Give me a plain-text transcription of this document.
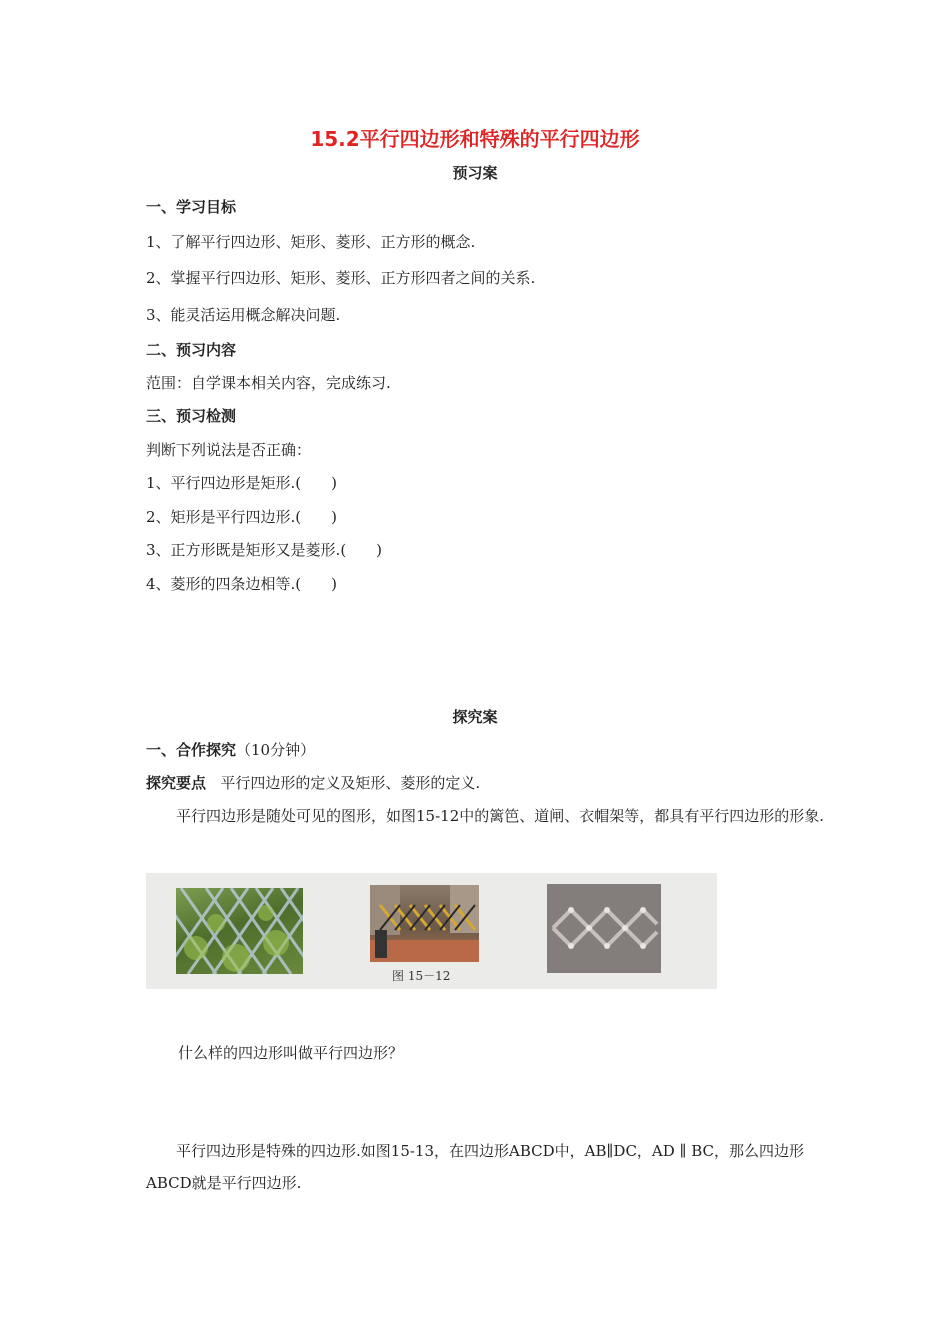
15.2平行四边形和特殊的平行四边形
预习案
一、学习目标
1、了解平行四边形、矩形、菱形、正方形的概念.
2、掌握平行四边形、矩形、菱形、正方形四者之间的关系.
3、能灵活运用概念解决问题.
二、预习内容
范围：自学课本相关内容，完成练习.
三、预习检测
判断下列说法是否正确：
1、平行四边形是矩形.(　　)
2、矩形是平行四边形.(　　)
3、正方形既是矩形又是菱形.(　　)
4、菱形的四条边相等.(　　)
探究案
一、合作探究（10分钟）
探究要点 平行四边形的定义及矩形、菱形的定义.
平行四边形是随处可见的图形，如图15-12中的篱笆、道闸、衣帽架等，都具有平行四边形的形象.
图 15－12
什么样的四边形叫做平行四边形？
平行四边形是特殊的四边形.如图15-13，在四边形ABCD中，AB∥DC，AD ∥ BC，那么四边形ABCD就是平行四边形.
